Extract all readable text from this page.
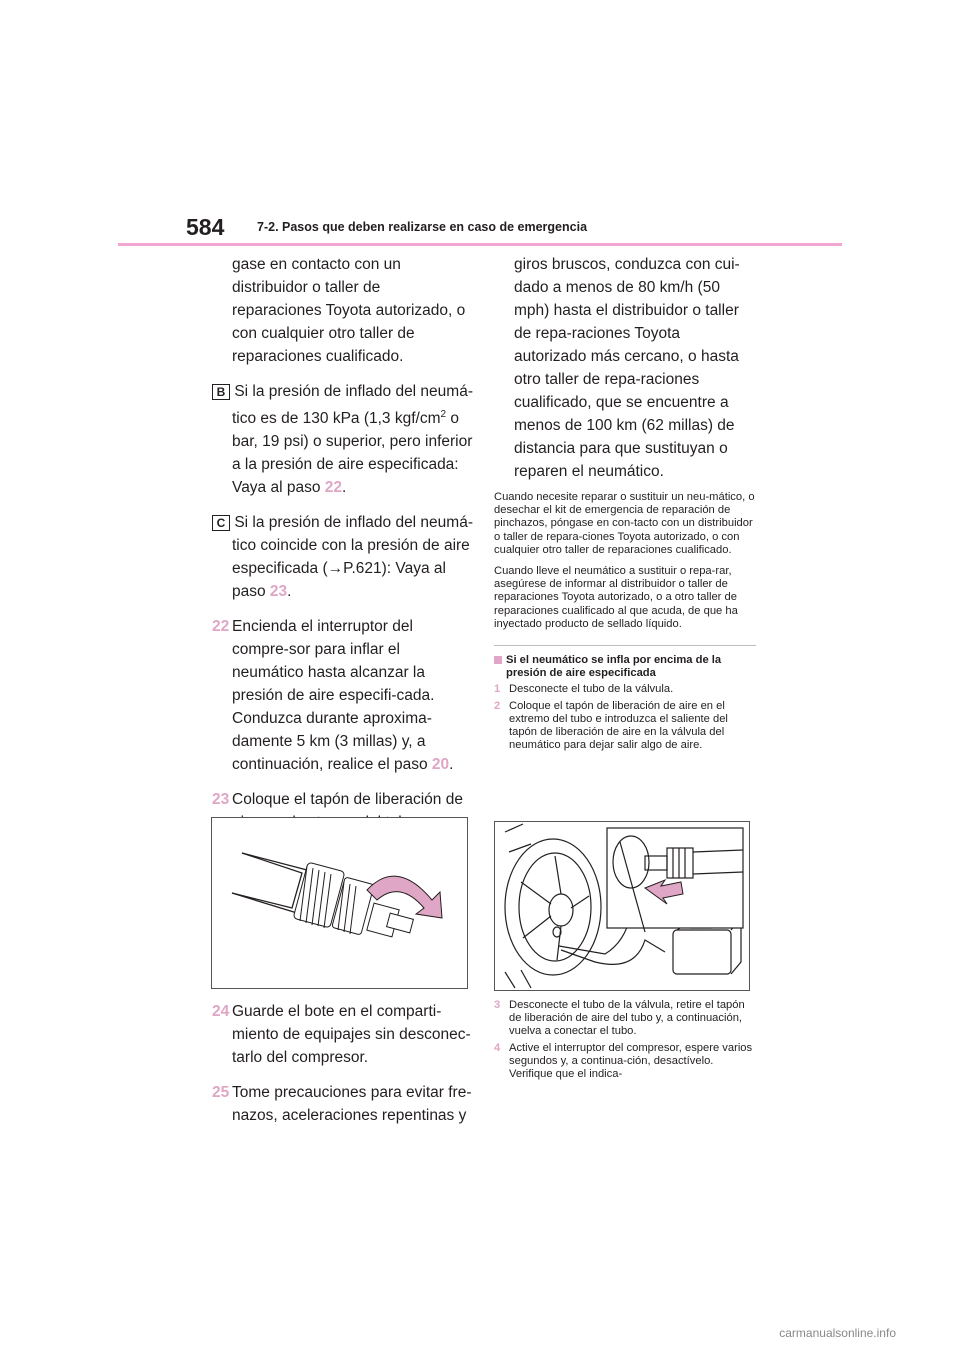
584	7-2. Pasos que deben realizarse en caso de emergencia

gase en contacto con un distribuidor o taller de reparaciones Toyota autorizado, o con cualquier otro taller de reparaciones cualificado.

B Si la presión de inflado del neumá-tico es de 130 kPa (1,3 kgf/$cm^2$ o bar, 19 psi) o superior, pero inferior a la presión de aire especificada: Vaya al paso 22.

C Si la presión de inflado del neumá-tico coincide con la presión de aire especificada (→P.621): Vaya al paso 23.

22 Encienda el interruptor del compre-sor para inflar el neumático hasta alcanzar la presión de aire especifi-cada. Conduzca durante aproxima-damente 5 km (3 millas) y, a continuación, realice el paso 20.

23 Coloque el tapón de liberación de

24 Guarde el bote en el comparti-miento de equipajes sin desconec-tarlo del compresor.

25 Tome precauciones para evitar fre-nazos, aceleraciones repentinas y

giros bruscos, conduzca con cui-dado a menos de 80 km/h (50 mph) hasta el distribuidor o taller de repa-raciones Toyota autorizado más cercano, o hasta otro taller de repa-raciones cualificado, que se encuentre a menos de 100 km (62 millas) de distancia para que sustituyan o reparen el neumático.

Cuando necesite reparar o sustituir un neu-mático, o desechar el kit de emergencia de reparación de pinchazos, póngase en con-tacto con un distribuidor o taller de repara-ciones Toyota autorizado, o con cualquier otro taller de reparaciones cualificado.

Cuando lleve el neumático a sustituir o repa-rar, asegúrese de informar al distribuidor o taller de reparaciones Toyota autorizado, o a otro taller de reparaciones cualificado al que acuda, de que ha inyectado producto de sellado líquido.

Si el neumático se infla por encima de la presión de aire especificada
1 Desconecte el tubo de la válvula.
2 Coloque el tapón de liberación de aire en el extremo del tubo e introduzca el saliente del tapón de liberación de aire en la válvula del neumático para dejar salir algo de aire.
3 Desconecte el tubo de la válvula, retire el tapón de liberación de aire del tubo y, a continuación, vuelva a conectar el tubo.
4 Active el interruptor del compresor, espere varios segundos y, a continua-ción, desactívelo. Verifique que el indica-
carmanualsonline.info
